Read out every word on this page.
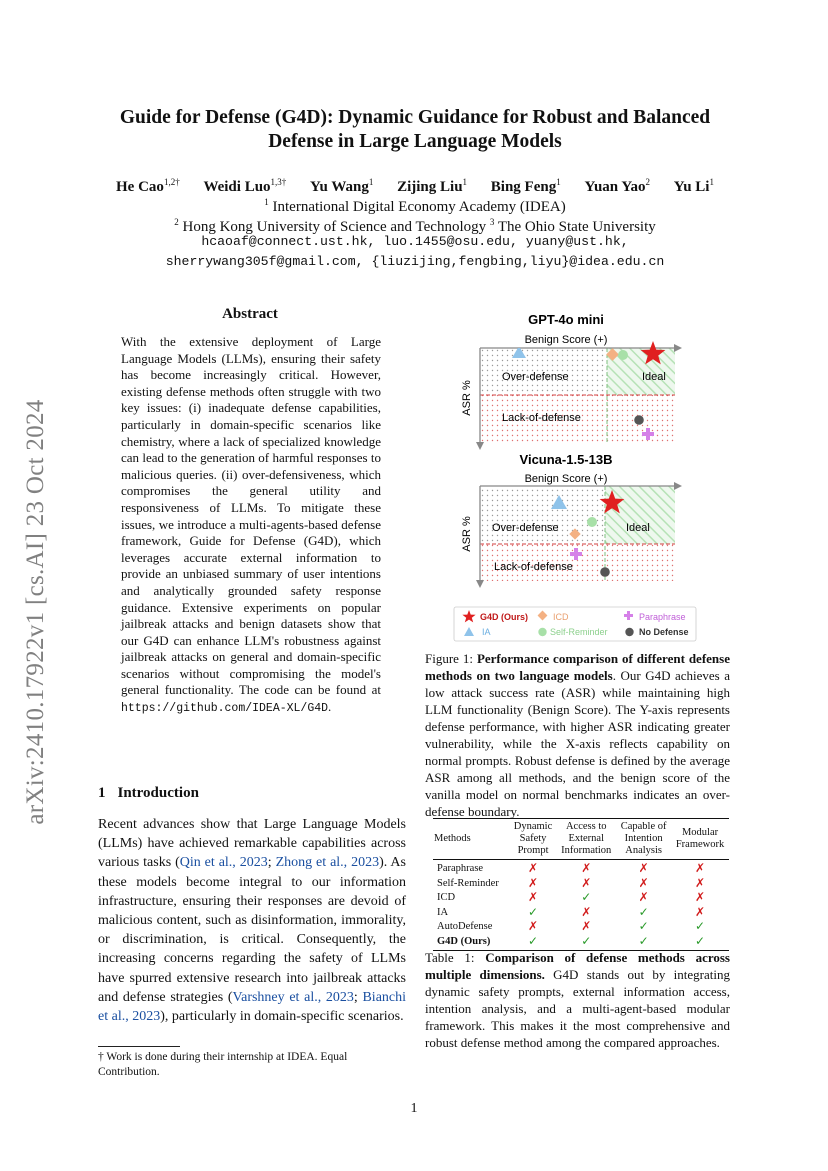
arXiv:2410.17922v1 [cs.AI] 23 Oct 2024
Guide for Defense (G4D): Dynamic Guidance for Robust and Balanced Defense in Large Language Models
He Cao$^{1,2\dagger}$ Weidi Luo$^{1,3\dagger}$ Yu Wang$^1$ Zijing Liu$^1$ Bing Feng$^1$ Yuan Yao$^2$ Yu Li$^1$
$^1$ International Digital Economy Academy (IDEA)
$^2$ Hong Kong University of Science and Technology $^3$ The Ohio State University
hcaoaf@connect.ust.hk, luo.1455@osu.edu, yuany@ust.hk,
sherrywang305f@gmail.com, {liuzijing,fengbing,liyu}@idea.edu.cn
Abstract
With the extensive deployment of Large Language Models (LLMs), ensuring their safety has become increasingly critical. However, existing defense methods often struggle with two key issues: (i) inadequate defense capabilities, particularly in domain-specific scenarios like chemistry, where a lack of specialized knowledge can lead to the generation of harmful responses to malicious queries. (ii) over-defensiveness, which compromises the general utility and responsiveness of LLMs. To mitigate these issues, we introduce a multi-agents-based defense framework, Guide for Defense (G4D), which leverages accurate external information to provide an unbiased summary of user intentions and analytically grounded safety response guidance. Extensive experiments on popular jailbreak attacks and benign datasets show that our G4D can enhance LLM's robustness against jailbreak attacks on general and domain-specific scenarios without compromising the model's general functionality. The code can be found at https://github.com/IDEA-XL/G4D.
1 Introduction
Recent advances show that Large Language Models (LLMs) have achieved remarkable capabilities across various tasks (Qin et al., 2023; Zhong et al., 2023). As these models become integral to our information infrastructure, ensuring their responses are devoid of malicious content, such as disinformation, immorality, or discrimination, is critical. Consequently, the increasing concerns regarding the safety of LLMs have spurred extensive research into jailbreak attacks and defense strategies (Varshney et al., 2023; Bianchi et al., 2023), particularly in domain-specific scenarios.
† Work is done during their internship at IDEA. Equal Contribution.
GPT-4o mini
Benign Score (+)
ASR %
Over-defense
Lack-of-defense
Ideal
Vicuna-1.5-13B
Benign Score (+)
ASR % Over-defense
Lack-of-defense
Ideal
G4D (Ours)	ICD	Paraphrase
IA	Self-Reminder	No Defense
Figure 1: Performance comparison of different defense methods on two language models. Our G4D achieves a low attack success rate (ASR) while maintaining high LLM functionality (Benign Score). The Y-axis represents defense performance, with higher ASR indicating greater vulnerability, while the X-axis reflects capability on normal prompts. Robust defense is defined by the average ASR among all methods, and the benign score of the vanilla model on normal benchmarks indicates an over-defense boundary.
Methods	Dynamic
Safety
Prompt	Access to
External
Information	Capable of
Intention
Analysis	Modular
Framework
Paraphrase	✗	✗	✗	✗
Self-Reminder	✗	✗	✗	✗
ICD	✗	✓	✗	✗
IA	✓	✗	✓	✗
AutoDefense	✗	✗	✓	✓
G4D (Ours)	✓	✓	✓	✓
Table 1: Comparison of defense methods across multiple dimensions. G4D stands out by integrating dynamic safety prompts, external information access, intention analysis, and a multi-agent-based modular framework. This makes it the most comprehensive and robust defense method among the compared approaches.
1
